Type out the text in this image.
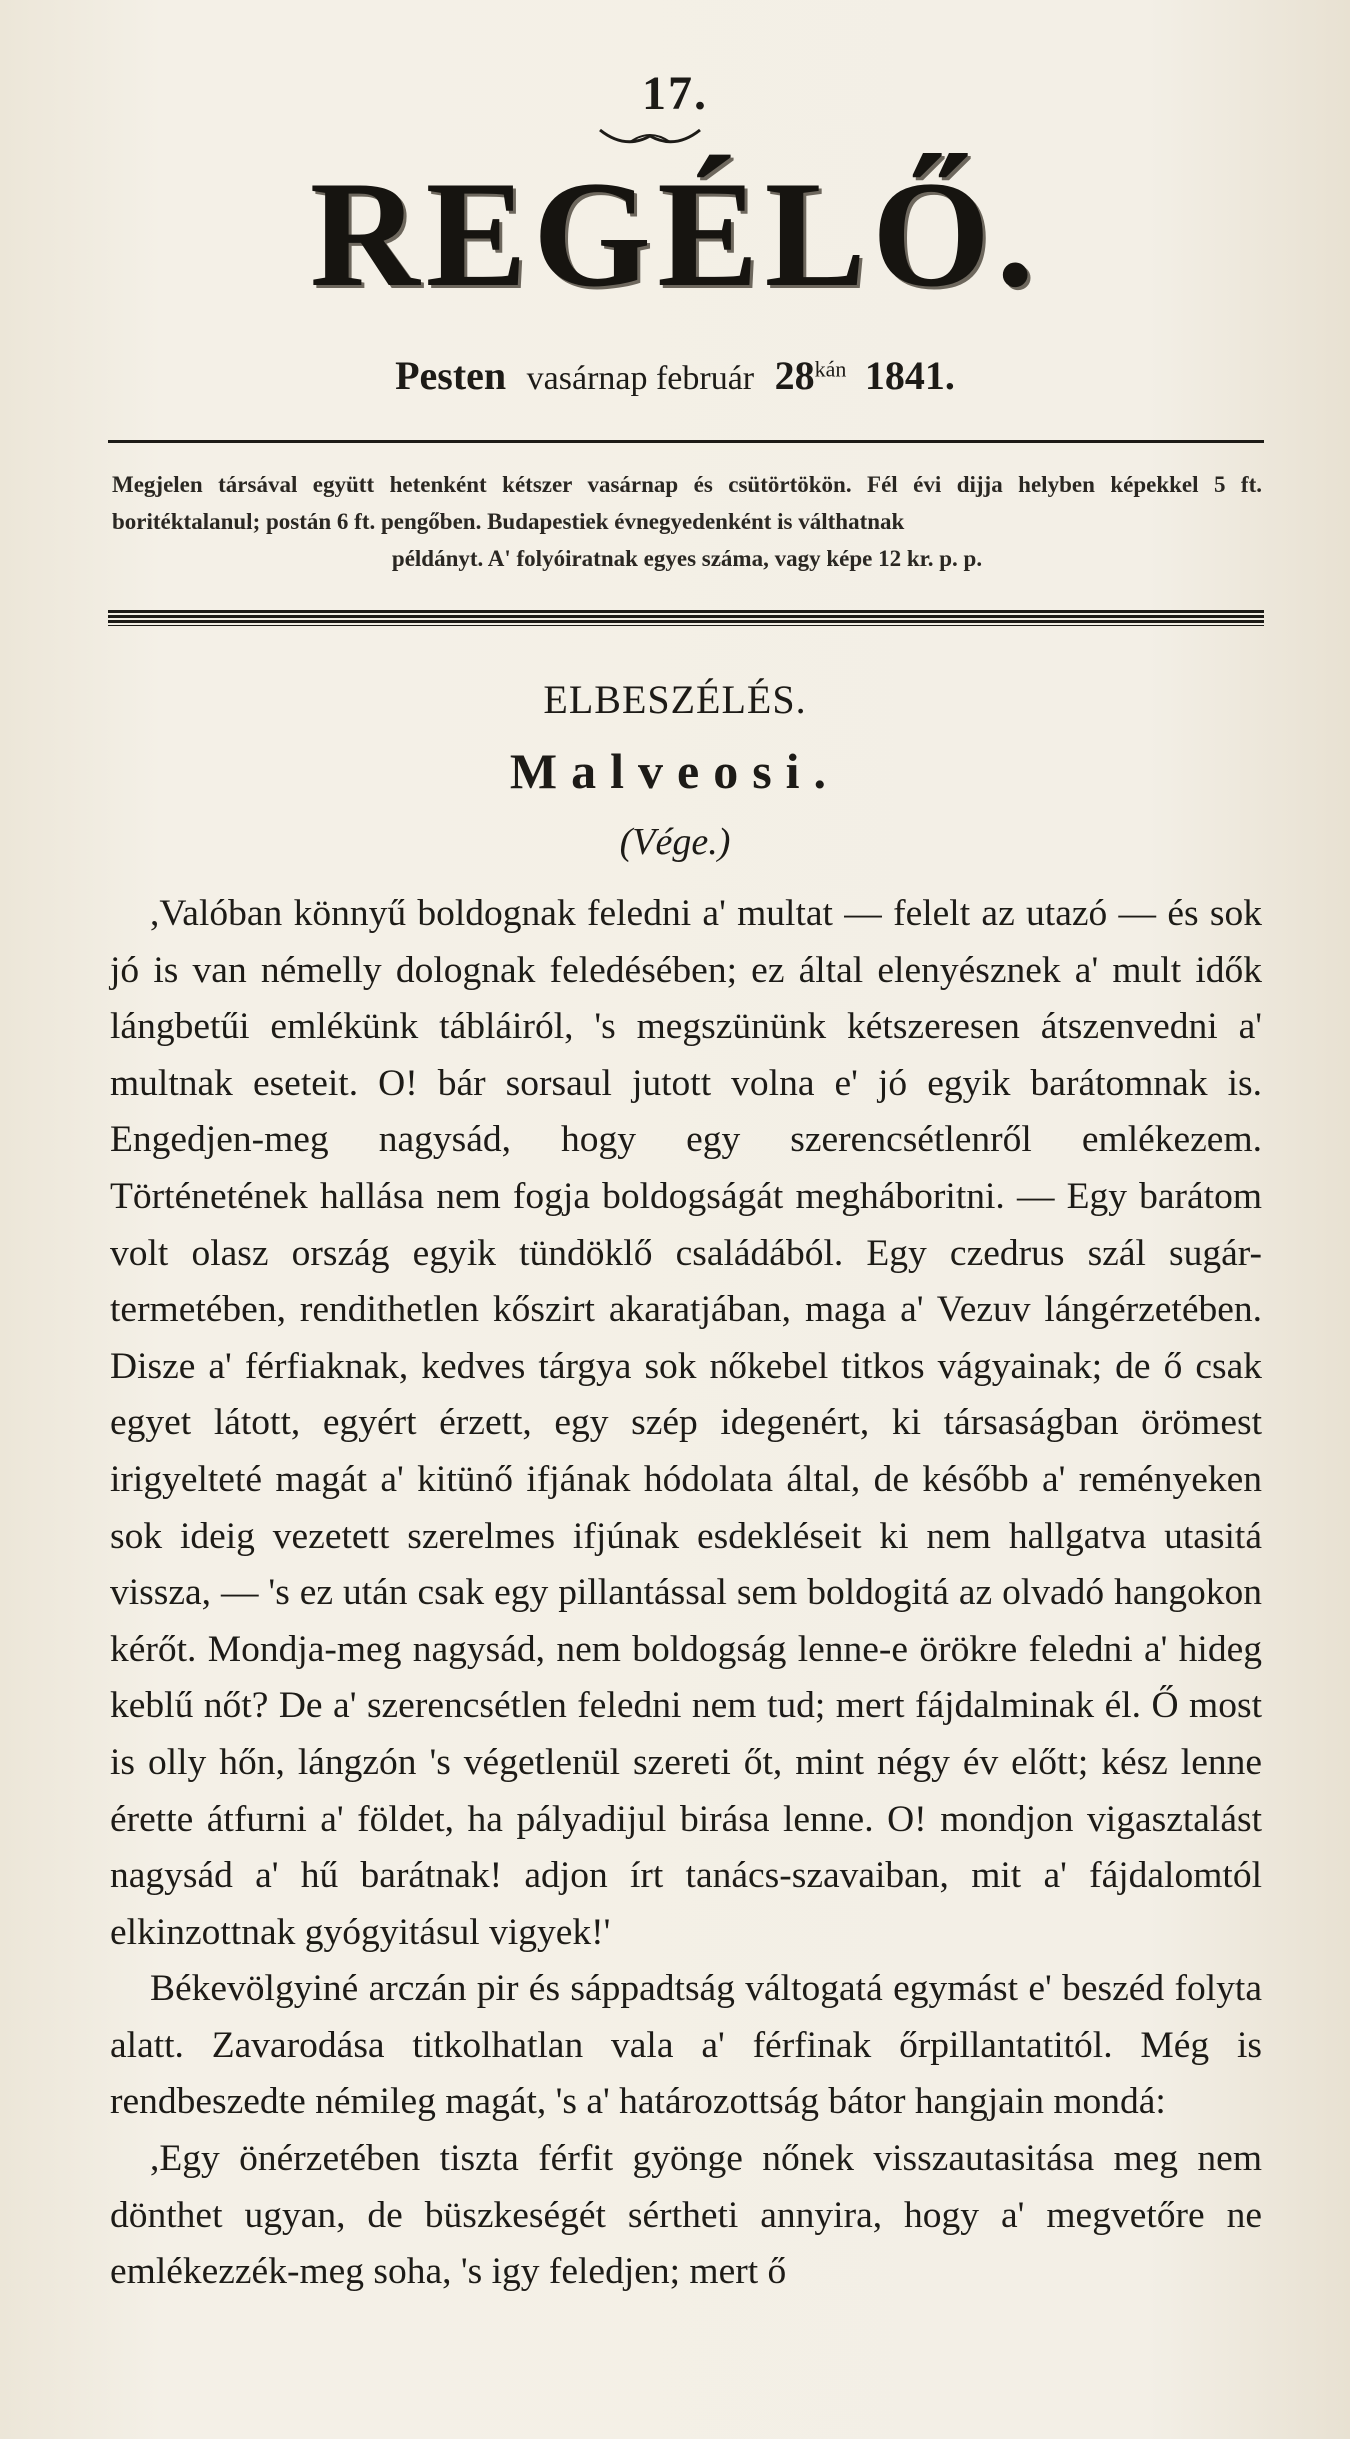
17.
REGÉLŐ.
Pesten vasárnap február $28^{kán}$ 1841.
Megjelen társával együtt hetenként kétszer vasárnap és csütörtökön. Fél évi dijja helyben képekkel 5 ft. boritéktalanul; postán 6 ft. pengőben. Budapestiek évnegyedenként is válthatnak
példányt. A' folyóiratnak egyes száma, vagy képe 12 kr. p. p.
ELBESZÉLÉS.
Malveosi.
(Vége.)

,Valóban könnyű boldognak feledni a' multat — felelt az utazó — és sok jó is van némelly dolognak feledésében; ez által elenyésznek a' mult idők lángbetűi emlékünk tábláiról, 's megszününk kétszeresen átszenvedni a' multnak eseteit. O! bár sorsaul jutott volna e' jó egyik barátomnak is. Engedjen-meg nagysád, hogy egy szerencsétlenről emlékezem. Történetének hallása nem fogja boldogságát megháboritni. — Egy barátom volt olasz ország egyik tündöklő családából. Egy czedrus szál sugár-termetében, rendithetlen kőszirt akaratjában, maga a' Vezuv lángérzetében. Disze a' férfiaknak, kedves tárgya sok nőkebel titkos vágyainak; de ő csak egyet látott, egyért érzett, egy szép idegenért, ki társaságban örömest irigyelteté magát a' kitünő ifjának hódolata által, de később a' reményeken sok ideig vezetett szerelmes ifjúnak esdekléseit ki nem hallgatva utasitá vissza, — 's ez után csak egy pillantással sem boldogitá az olvadó hangokon kérőt. Mondja-meg nagysád, nem boldogság lenne-e örökre feledni a' hideg keblű nőt? De a' szerencsétlen feledni nem tud; mert fájdalminak él. Ő most is olly hőn, lángzón 's végetlenül szereti őt, mint négy év előtt; kész lenne érette átfurni a' földet, ha pályadijul birása lenne. O! mondjon vigasztalást nagysád a' hű barátnak! adjon írt tanács-szavaiban, mit a' fájdalomtól elkinzottnak gyógyitásul vigyek!'

Békevölgyiné arczán pir és sáppadtság váltogatá egymást e' beszéd folyta alatt. Zavarodása titkolhatlan vala a' férfinak őrpillantatitól. Még is rendbeszedte némileg magát, 's a' határozottság bátor hangjain mondá:

,Egy önérzetében tiszta férfit gyönge nőnek visszautasitása meg nem dönthet ugyan, de büszkeségét sértheti annyira, hogy a' megvetőre ne emlékezzék-meg soha, 's igy feledjen; mert ő
